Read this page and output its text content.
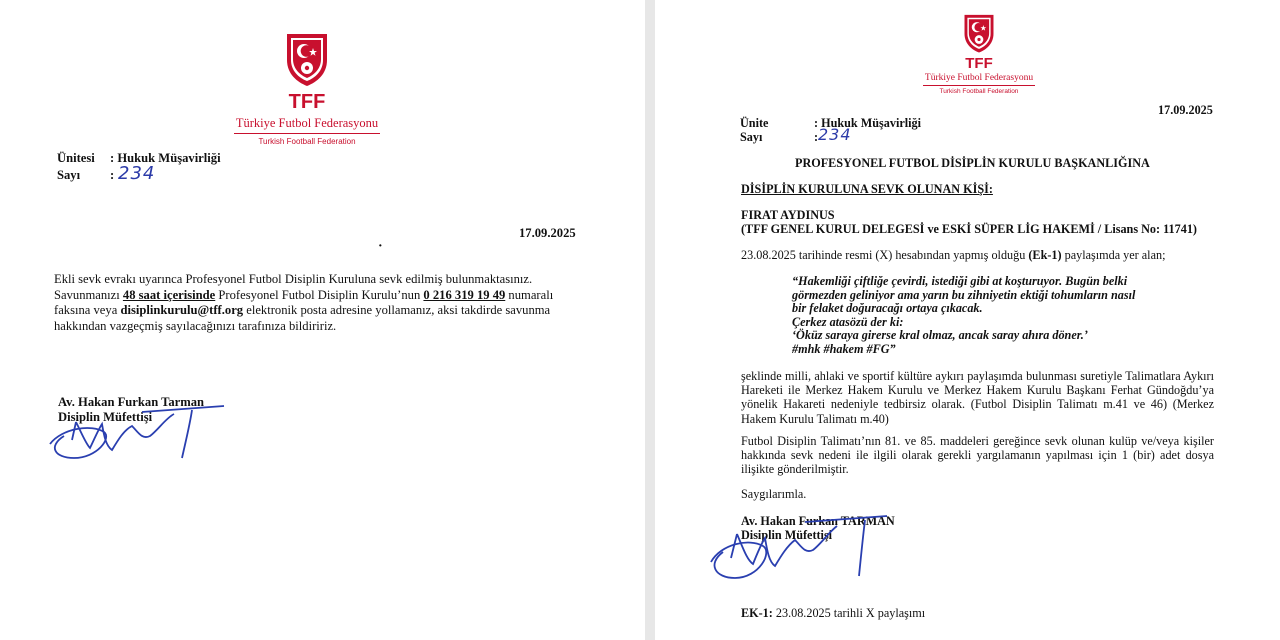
TFF
Türkiye Futbol Federasyonu
Turkish Football Federation
Ünitesi : Hukuk Müşavirliği
Sayı : 234
17.09.2025
·
Ekli sevk evrakı uyarınca Profesyonel Futbol Disiplin Kuruluna sevk edilmiş bulunmaktasınız.
Savunmanızı 48 saat içerisinde Profesyonel Futbol Disiplin Kurulu’nun 0 216 319 19 49 numaralı
faksına veya disiplinkurulu@tff.org elektronik posta adresine yollamanız, aksi takdirde savunma
hakkından vazgeçmiş sayılacağınızı tarafınıza bildiririz.
Av. Hakan Furkan Tarman
Disiplin Müfettişi
TFF
Türkiye Futbol Federasyonu
Turkish Football Federation
17.09.2025
Ünite	: Hukuk Müşavirliği
Sayı	: 234
PROFESYONEL FUTBOL DİSİPLİN KURULU BAŞKANLIĞINA
DİSİPLİN KURULUNA SEVK OLUNAN KİŞİ:
FIRAT AYDINUS
(TFF GENEL KURUL DELEGESİ ve ESKİ SÜPER LİG HAKEMİ / Lisans No: 11741)
23.08.2025 tarihinde resmi (X) hesabından yapmış olduğu (Ek-1) paylaşımda yer alan;
“Hakemliği çiftliğe çevirdi, istediği gibi at koşturuyor. Bugün belki
görmezden geliniyor ama yarın bu zihniyetin ektiği tohumların nasıl
bir felaket doğuracağı ortaya çıkacak.
Çerkez atasözü der ki:
‘Öküz saraya girerse kral olmaz, ancak saray ahıra döner.’
#mhk #hakem #FG”
şeklinde milli, ahlaki ve sportif kültüre aykırı paylaşımda bulunması suretiyle Talimatlara Aykırı Hareketi ile Merkez Hakem Kurulu ve Merkez Hakem Kurulu Başkanı Ferhat Gündoğdu’ya yönelik Hakareti nedeniyle tedbirsiz olarak. (Futbol Disiplin Talimatı m.41 ve 46) (Merkez Hakem Kurulu Talimatı m.40)
Futbol Disiplin Talimatı’nın 81. ve 85. maddeleri gereğince sevk olunan kulüp ve/veya kişiler hakkında sevk nedeni ile ilgili olarak gerekli yargılamanın yapılması için 1 (bir) adet dosya ilişikte gönderilmiştir.
Saygılarımla.
Av. Hakan Furkan TARMAN
Disiplin Müfettişi
EK-1: 23.08.2025 tarihli X paylaşımı
